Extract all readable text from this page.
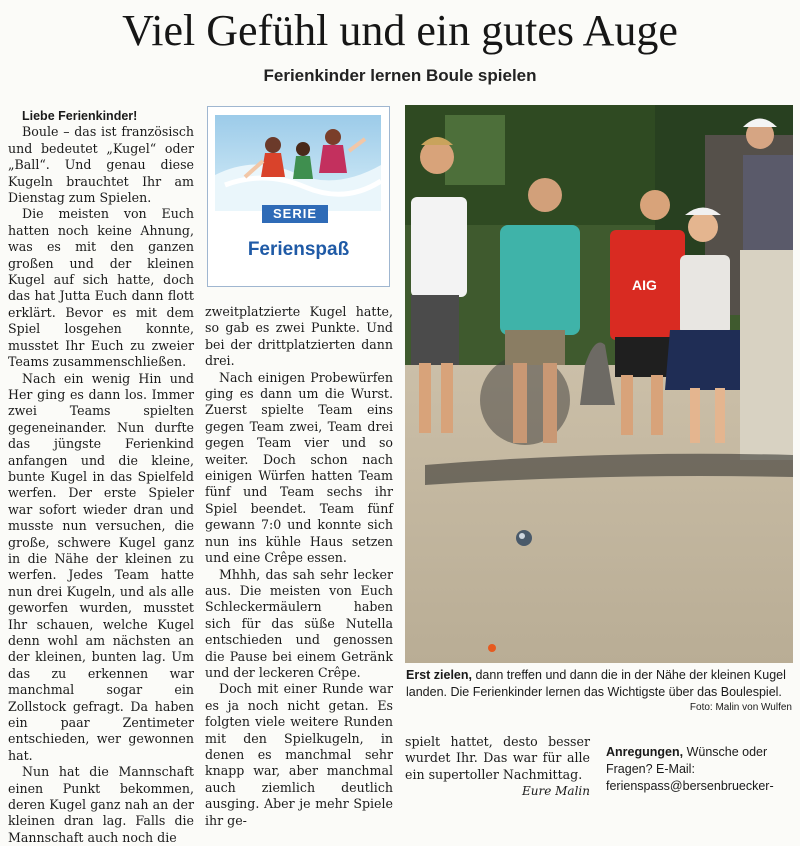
Viel Gefühl und ein gutes Auge
Ferienkinder lernen Boule spielen

Liebe Ferienkinder!

Boule – das ist französisch und bedeutet „Kugel“ oder „Ball“. Und genau diese Kugeln brauchtet Ihr am Dienstag zum Spielen.

Die meisten von Euch hatten noch keine Ahnung, was es mit den ganzen großen und der kleinen Kugel auf sich hatte, doch das hat Jutta Euch dann flott erklärt. Bevor es mit dem Spiel losgehen konnte, musstet Ihr Euch zu zweier Teams zusammenschließen.

Nach ein wenig Hin und Her ging es dann los. Immer zwei Teams spielten gegeneinander. Nun durfte das jüngste Ferienkind anfangen und die kleine, bunte Kugel in das Spielfeld werfen. Der erste Spieler war sofort wieder dran und musste nun versuchen, die große, schwere Kugel ganz in die Nähe der kleinen zu werfen. Jedes Team hatte nun drei Kugeln, und als alle geworfen wurden, musstet Ihr schauen, welche Kugel denn wohl am nächsten an der kleinen, bunten lag. Um das zu erkennen war manchmal sogar ein Zollstock gefragt. Da haben ein paar Zentimeter entschieden, wer gewonnen hat.

Nun hat die Mannschaft einen Punkt bekommen, deren Kugel ganz nah an der kleinen dran lag. Falls die Mannschaft auch noch die

SERIE
Ferienspaß

zweitplatzierte Kugel hatte, so gab es zwei Punkte. Und bei der drittplatzierten dann drei.

Nach einigen Probewürfen ging es dann um die Wurst. Zuerst spielte Team eins gegen Team zwei, Team drei gegen Team vier und so weiter. Doch schon nach einigen Würfen hatten Team fünf und Team sechs ihr Spiel beendet. Team fünf gewann 7:0 und konnte sich nun ins kühle Haus setzen und eine Crêpe essen.

Mhhh, das sah sehr lecker aus. Die meisten von Euch Schleckermäulern haben sich für das süße Nutella entschieden und genossen die Pause bei einem Getränk und der leckeren Crêpe.

Doch mit einer Runde war es ja noch nicht getan. Es folgten viele weitere Runden mit den Spielkugeln, in denen es manchmal sehr knapp war, aber manchmal auch ziemlich deutlich ausging. Aber je mehr Spiele ihr ge-

AIG
Erst zielen, dann treffen und dann die in der Nähe der kleinen Kugel landen. Die Ferienkinder lernen das Wichtigste über das Boulespiel.
Foto: Malin von Wulfen

spielt hattet, desto besser wurdet Ihr. Das war für alle ein supertoller Nachmittag.

Eure Malin

Anregungen, Wünsche oder Fragen? E-Mail: ferienspass@bersenbruecker-
